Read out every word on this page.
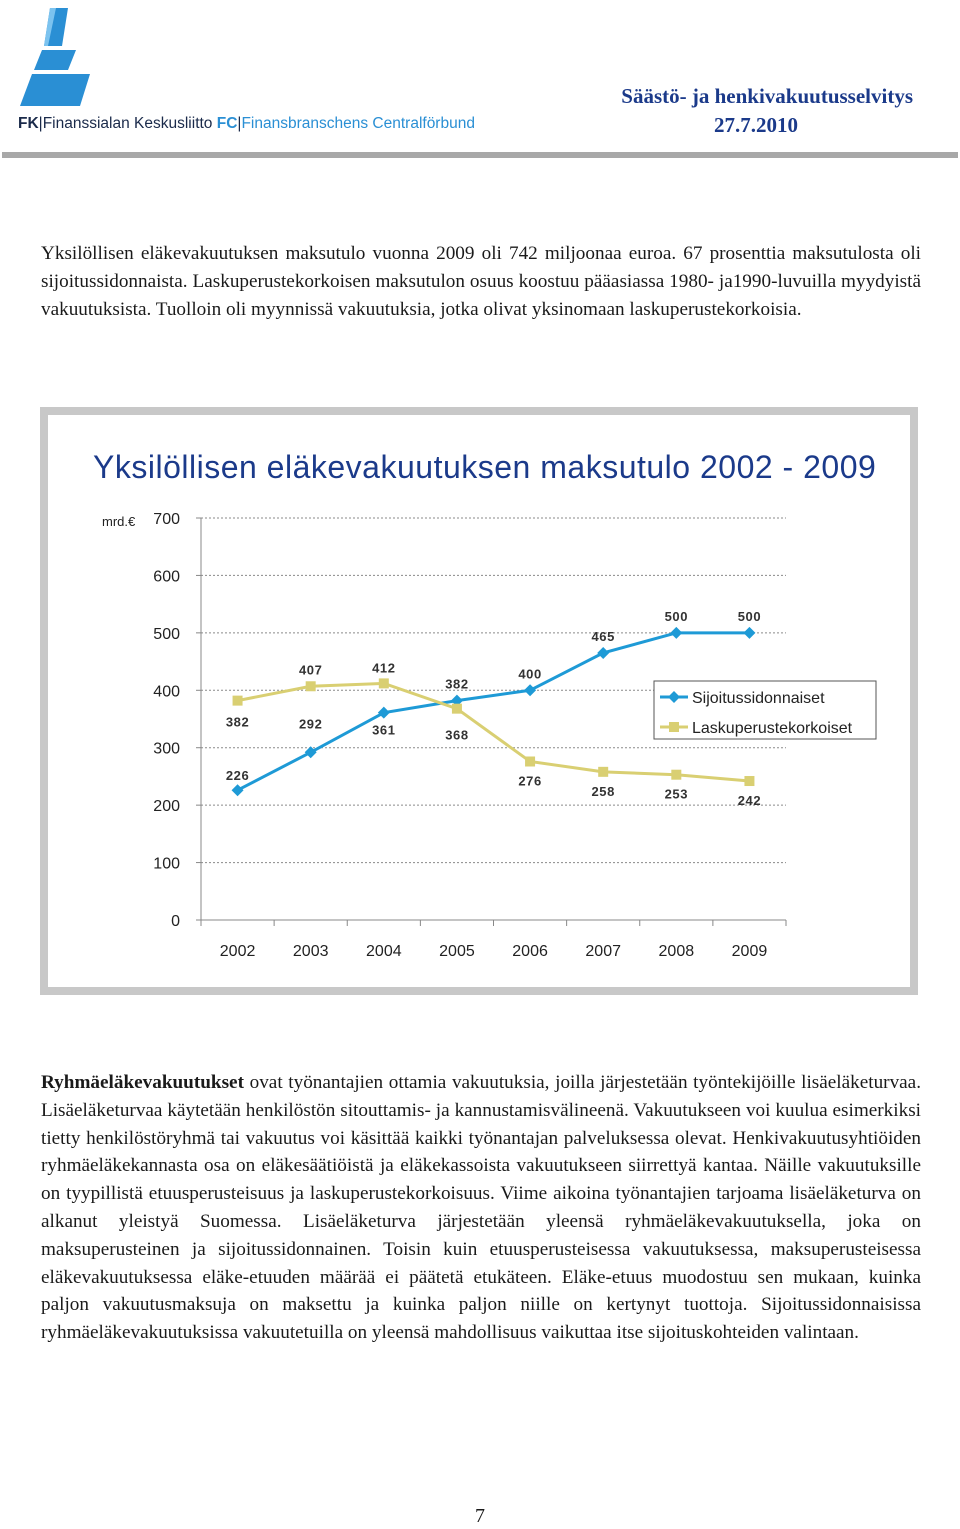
FK|Finanssialan Keskusliitto FC|Finansbranschens Centralförbund
Säästö- ja henkivakuutusselvitys
27.7.2010

Yksilöllisen eläkevakuutuksen maksutulo vuonna 2009 oli 742 miljoonaa euroa. 67 prosenttia maksutulosta oli sijoitussidonnaista. Laskuperustekorkoisen maksutulon osuus koostuu pääasiassa 1980- ja1990-luvuilla myydyistä vakuutuksista. Tuolloin oli myynnissä vakuutuksia, jotka olivat yksinomaan laskuperustekorkoisia.

Yksilöllisen eläkevakuutuksen maksutulo 2002 - 2009
0
100
200
300
400
500
600
700
mrd.€
2002 2003 2004 2005 2006 2007 2008 2009
226
292	361
382
400
465
500	500
382
407	412
368
276
258	253	242
Sijoitussidonnaiset
Laskuperustekorkoiset

Ryhmäeläkevakuutukset ovat työnantajien ottamia vakuutuksia, joilla järjestetään työntekijöille lisäeläketurvaa. Lisäeläketurvaa käytetään henkilöstön sitouttamis- ja kannustamisvälineenä. Vakuutukseen voi kuulua esimerkiksi tietty henkilöstöryhmä tai vakuutus voi käsittää kaikki työnantajan palveluksessa olevat. Henkivakuutusyhtiöiden ryhmäeläkekannasta osa on eläkesäätiöistä ja eläkekassoista vakuutukseen siirrettyä kantaa. Näille vakuutuksille on tyypillistä etuusperusteisuus ja laskuperustekorkoisuus. Viime aikoina työnantajien tarjoama lisäeläketurva on alkanut yleistyä Suomessa. Lisäeläketurva järjestetään yleensä ryhmäeläkevakuutuksella, joka on maksuperusteinen ja sijoitussidonnainen. Toisin kuin etuusperusteisessa vakuutuksessa, maksuperusteisessa eläkevakuutuksessa eläke-etuuden määrää ei päätetä etukäteen. Eläke-etuus muodostuu sen mukaan, kuinka paljon vakuutusmaksuja on maksettu ja kuinka paljon niille on kertynyt tuottoja. Sijoitussidonnaisissa ryhmäeläkevakuutuksissa vakuutetuilla on yleensä mahdollisuus vaikuttaa itse sijoituskohteiden valintaan.

7
